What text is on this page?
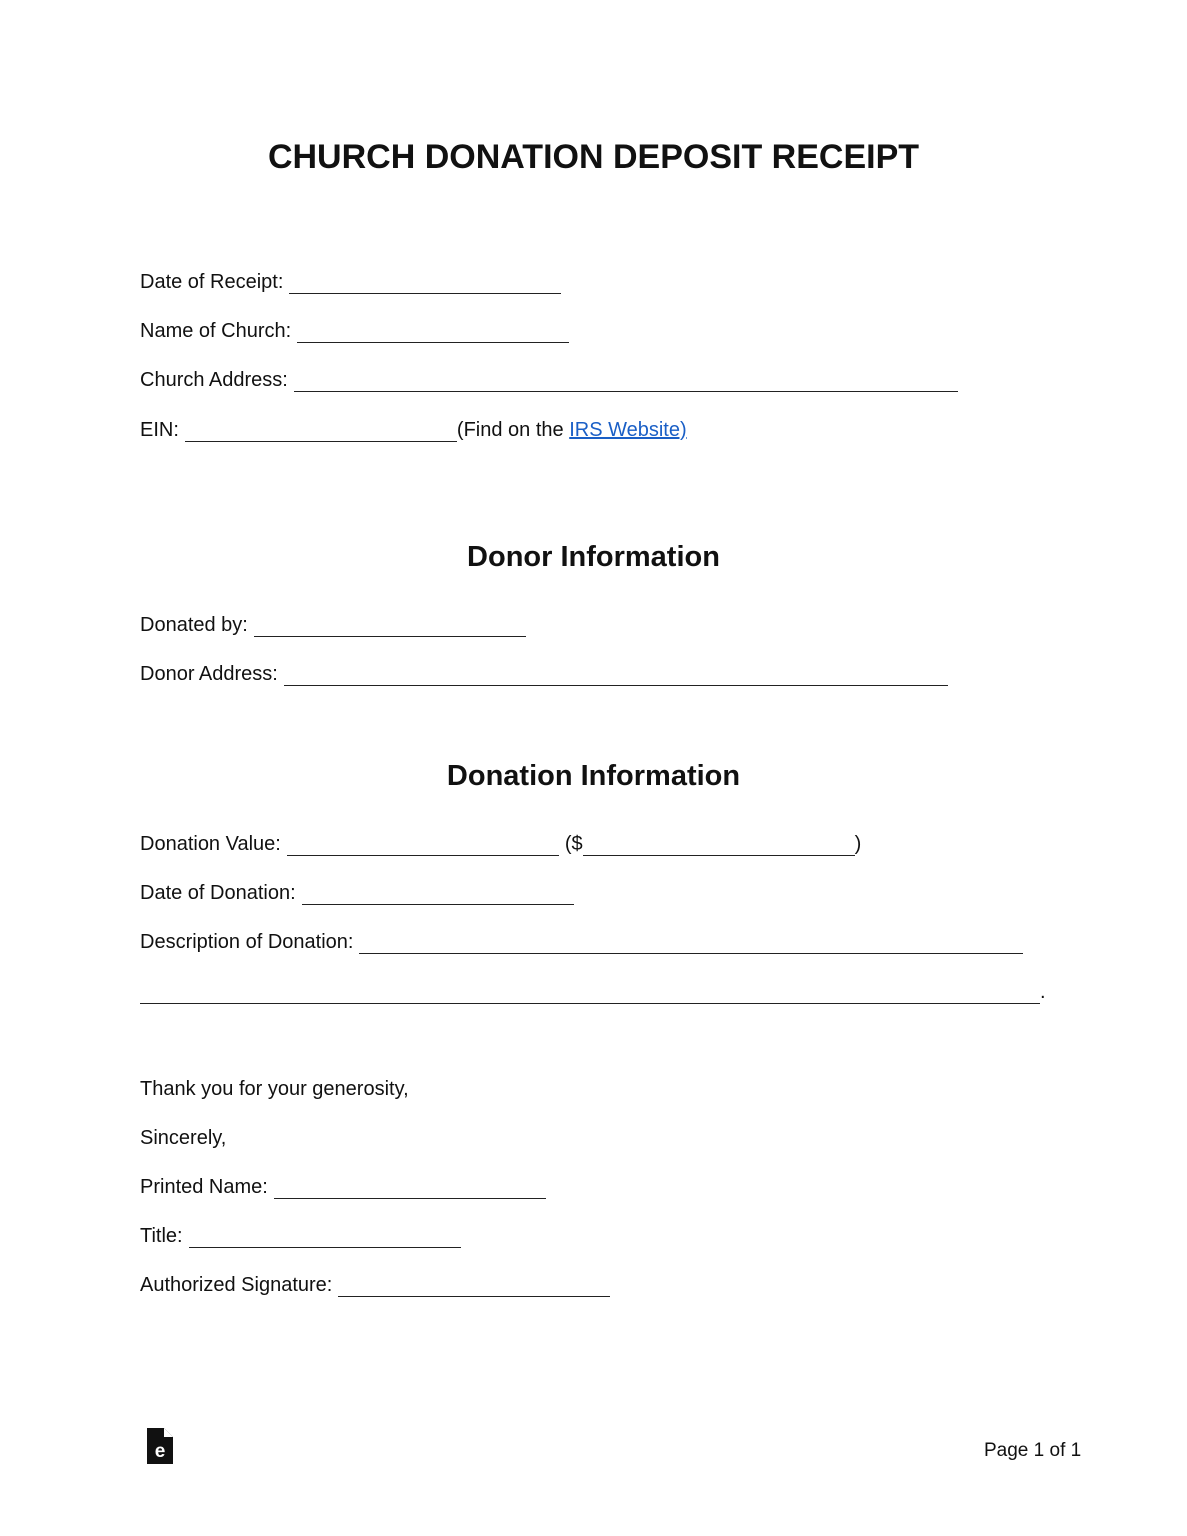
CHURCH DONATION DEPOSIT RECEIPT
Date of Receipt:
Name of Church:
Church Address:
EIN:	(Find on the IRS Website)
Donor Information
Donated by:
Donor Address:
Donation Information
Donation Value:	($	)
Date of Donation:
Description of Donation:
.
Thank you for your generosity,
Sincerely,
Printed Name:
Title:
Authorized Signature:
e	Page 1 of 1
